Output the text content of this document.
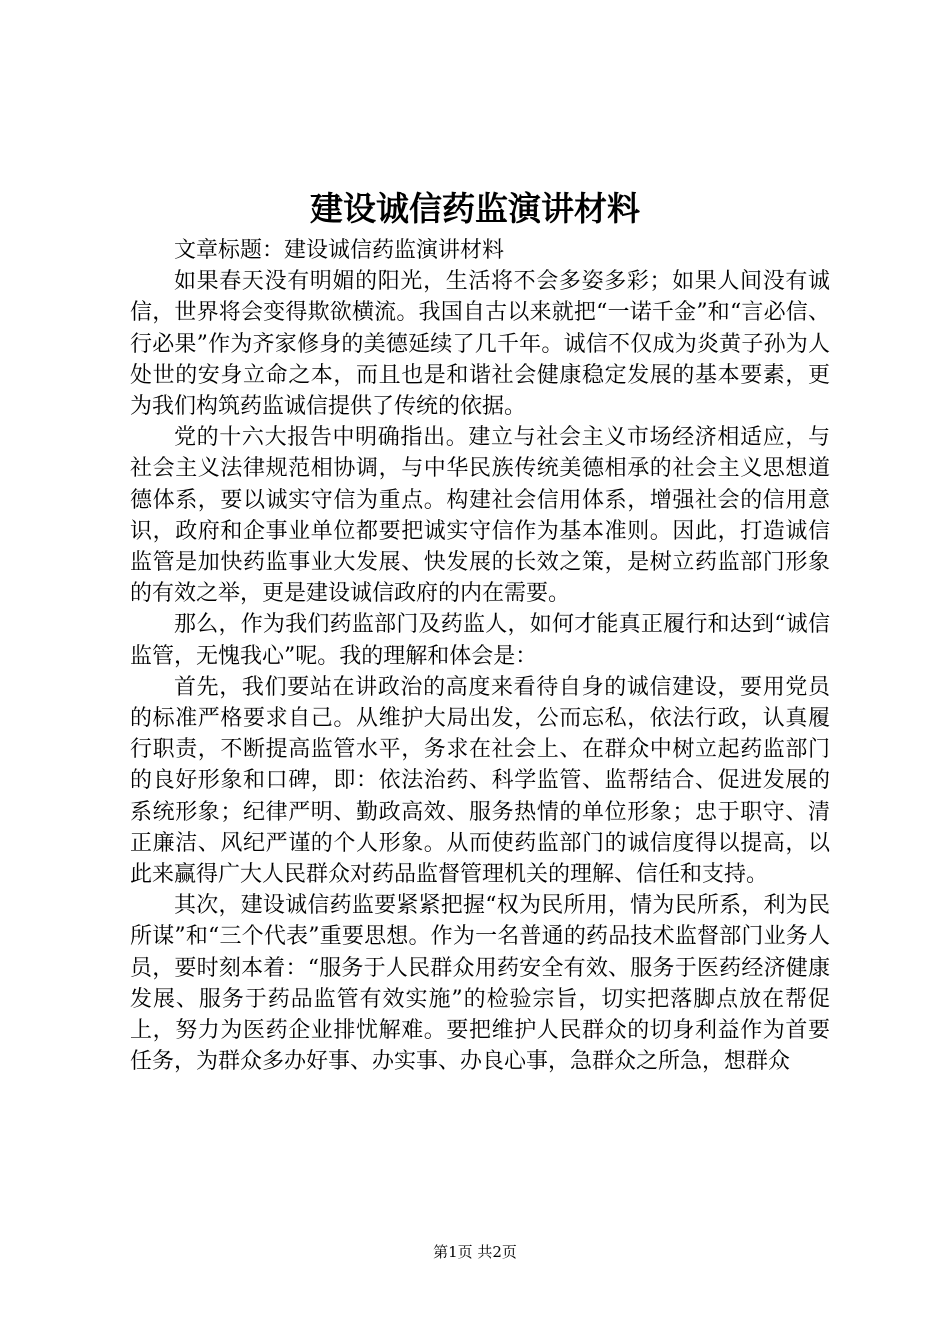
建设诚信药监演讲材料

文章标题：建设诚信药监演讲材料

如果春天没有明媚的阳光，生活将不会多姿多彩；如果人间没有诚信，世界将会变得欺欲横流。我国自古以来就把“一诺千金”和“言必信、行必果”作为齐家修身的美德延续了几千年。诚信不仅成为炎黄子孙为人处世的安身立命之本，而且也是和谐社会健康稳定发展的基本要素，更为我们构筑药监诚信提供了传统的依据。

党的十六大报告中明确指出。建立与社会主义市场经济相适应，与社会主义法律规范相协调，与中华民族传统美德相承的社会主义思想道德体系，要以诚实守信为重点。构建社会信用体系，增强社会的信用意识，政府和企事业单位都要把诚实守信作为基本准则。因此，打造诚信监管是加快药监事业大发展、快发展的长效之策，是树立药监部门形象的有效之举，更是建设诚信政府的内在需要。

那么，作为我们药监部门及药监人，如何才能真正履行和达到“诚信监管，无愧我心”呢。我的理解和体会是：

首先，我们要站在讲政治的高度来看待自身的诚信建设，要用党员的标准严格要求自己。从维护大局出发，公而忘私，依法行政，认真履行职责，不断提高监管水平，务求在社会上、在群众中树立起药监部门的良好形象和口碑，即：依法治药、科学监管、监帮结合、促进发展的系统形象；纪律严明、勤政高效、服务热情的单位形象；忠于职守、清正廉洁、风纪严谨的个人形象。从而使药监部门的诚信度得以提高，以此来赢得广大人民群众对药品监督管理机关的理解、信任和支持。

其次，建设诚信药监要紧紧把握“权为民所用，情为民所系，利为民所谋”和“三个代表”重要思想。作为一名普通的药品技术监督部门业务人员，要时刻本着：“服务于人民群众用药安全有效、服务于医药经济健康发展、服务于药品监管有效实施”的检验宗旨，切实把落脚点放在帮促上，努力为医药企业排忧解难。要把维护人民群众的切身利益作为首要任务，为群众多办好事、办实事、办良心事，急群众之所急，想群众

第1页 共2页
